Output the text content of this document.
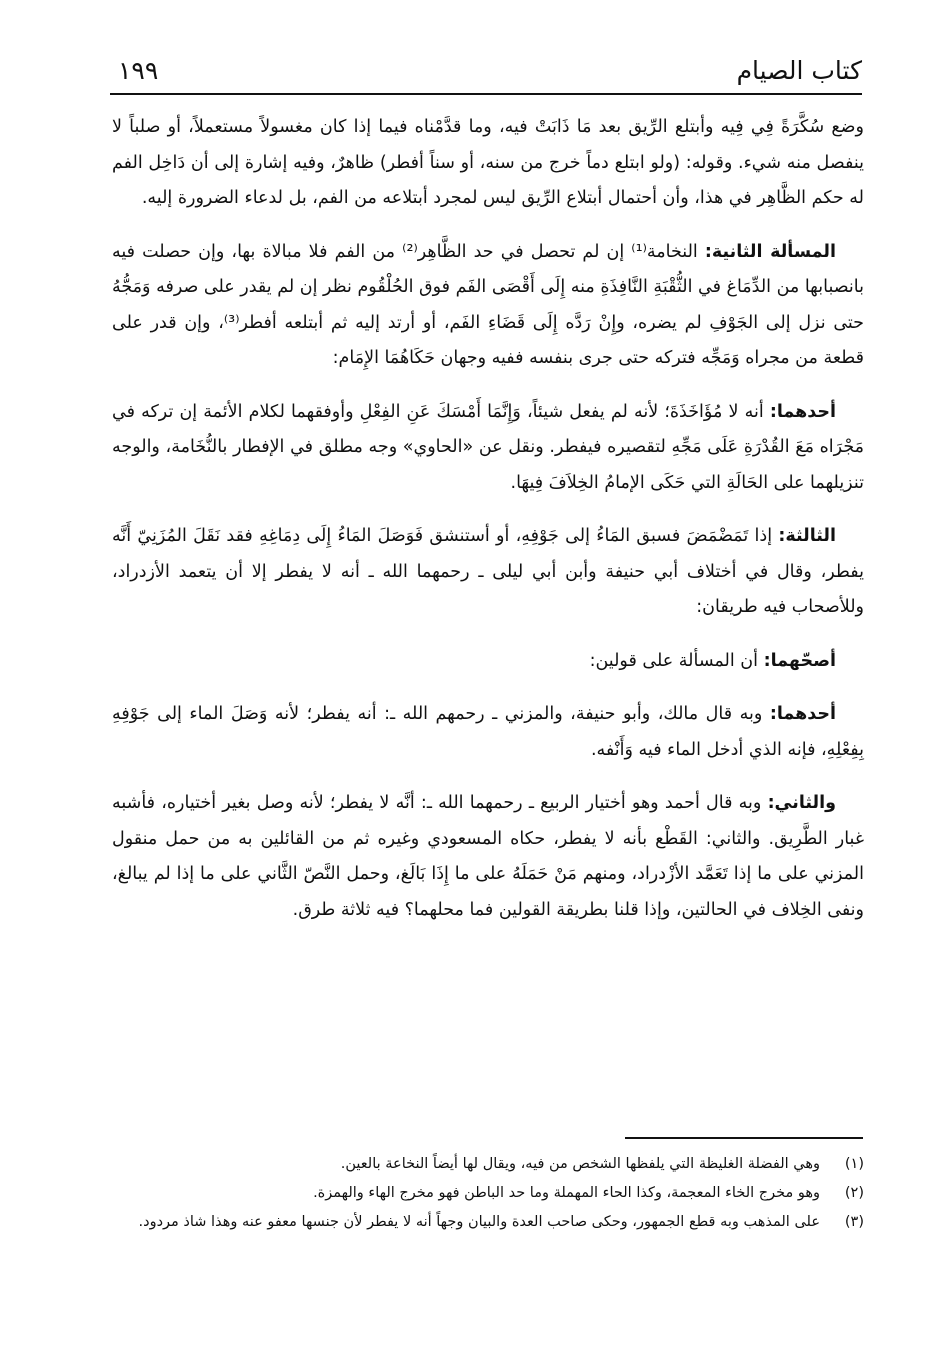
كتاب الصيام
١٩٩

وضع سُكَّرَةً فِي فِيه وأبتلع الرِّيق بعد مَا ذَابَتْ فيه، وما قدَّمْناه فيما إذا كان مغسولاً مستعملاً، أو صلباً لا ينفصل منه شيء. وقوله: (ولو ابتلع دماً خرج من سنه، أو سناً أفطر) ظاهرٌ، وفيه إشارة إلى أن دَاخِل الفم له حكم الظَّاهِر في هذا، وأن أحتمال أبتلاع الرِّيق ليس لمجرد أبتلاعه من الفم، بل لدعاء الضرورة إليه.

المسألة الثانية: النخامة⁽¹⁾ إن لم تحصل في حد الظَّاهِر⁽²⁾ من الفم فلا مبالاة بها، وإن حصلت فيه بانصبابها من الدِّمَاغ في الثُّقْبَةِ النَّافِذَةِ منه إِلَى أَقْصَى الفَم فوق الحُلْقُوم نظر إن لم يقدر على صرفه وَمَجُّهُ حتى نزل إلى الجَوْفِ لم يضره، وإِنْ رَدَّه إِلَى قَضَاءِ الفَم، أو أرتد إليه ثم أبتلعه أفطر⁽³⁾، وإن قدر على قطعة من مجراه وَمَجِّه فتركه حتى جرى بنفسه ففيه وجهان حَكَاهُمَا الإِمَام:

أحدهما: أنه لا مُؤَاخَذَةَ؛ لأنه لم يفعل شيئاً، وَإِنَّمَا أَمْسَكَ عَنِ الفِعْلِ وأوفقهما لكلام الأئمة إن تركه في مَجْرَاه مَعَ القُدْرَةِ عَلَى مَجِّهِ لتقصيره فيفطر. ونقل عن «الحاوي» وجه مطلق في الإفطار بالنُّخَامة، والوجه تنزيلهما على الحَالَةِ التي حَكَى الإمامُ الخِلاَفَ فِيهَا.

الثالثة: إذا تَمَضْمَضَ فسبق المَاءُ إلى جَوْفِهِ، أو أستنشق فَوَصَلَ المَاءُ إِلَى دِمَاغِهِ فقد نَقَلَ المُزَنِيّ أَنَّه يفطر، وقال في أختلاف أبي حنيفة وأبن أبي ليلى ـ رحمهما الله ـ أنه لا يفطر إلا أن يتعمد الأزدراد، وللأصحاب فيه طريقان:

أصحّهما: أن المسألة على قولين:

أحدهما: وبه قال مالك، وأبو حنيفة، والمزني ـ رحمهم الله ـ: أنه يفطر؛ لأنه وَصَلَ الماء إلى جَوْفِهِ بِفِعْلِهِ، فإنه الذي أدخل الماء فيه وَأَنْفه.

والثاني: وبه قال أحمد وهو أختيار الربيع ـ رحمهما الله ـ: أنَّه لا يفطر؛ لأنه وصل بغير أختياره، فأشبه غبار الطَّرِيق. والثاني: القَطْع بأنه لا يفطر، حكاه المسعودي وغيره ثم من القائلين به من حمل منقول المزني على ما إذا تَعَمَّد الأزْدراد، ومنهم مَنْ حَمَلَهُ على ما إِذَا بَالَغ، وحمل النَّصّ الثَّاني على ما إذا لم يبالغ، ونفى الخِلاف في الحالتين، وإذا قلنا بطريقة القولين فما محلهما؟ فيه ثلاثة طرق.

(١)
وهي الفضلة الغليظة التي يلفظها الشخص من فيه، ويقال لها أيضاً النخاعة بالعين.
(٢)
وهو مخرج الخاء المعجمة، وكذا الحاء المهملة وما حد الباطن فهو مخرج الهاء والهمزة.
(٣)
على المذهب وبه قطع الجمهور، وحكى صاحب العدة والبيان وجهاً أنه لا يفطر لأن جنسها معفو عنه وهذا شاذ مردود.
